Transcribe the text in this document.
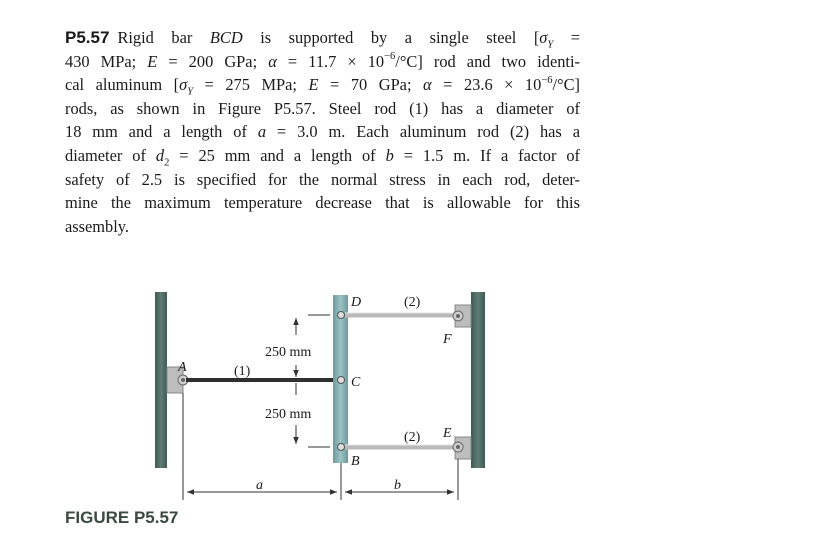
P5.57 Rigid bar BCD is supported by a single steel [$\sigma_Y$ =
430 MPa; E = 200 GPa; $\alpha = 11.7 \times 10^{-6}/^\circ C$] rod and two identi-
cal aluminum [$\sigma_Y = 275$ MPa; E = 70 GPa; $\alpha = 23.6 \times 10^{-6}/^\circ C$]
rods, as shown in Figure P5.57. Steel rod (1) has a diameter of
18 mm and a length of a = 3.0 m. Each aluminum rod (2) has a
diameter of $d_2 = 25$ mm and a length of b = 1.5 m. If a factor of
safety of 2.5 is specified for the normal stress in each rod, deter-
mine the maximum temperature decrease that is allowable for this
assembly.
A	(1)
D	(2)
F
250 mm
C
250 mm
(2) E
B
a	b
FIGURE P5.57
